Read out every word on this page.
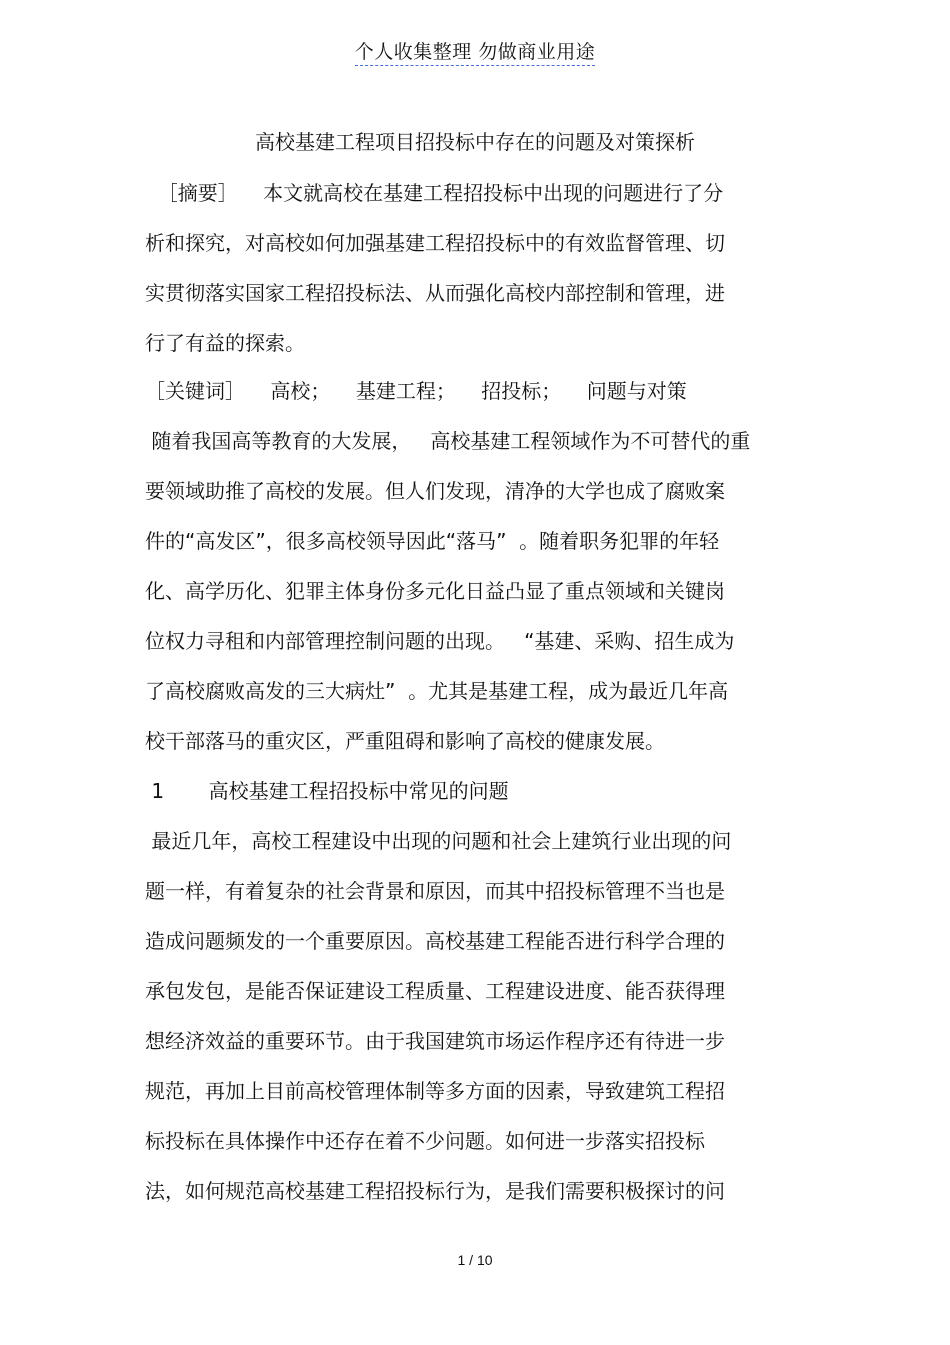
个人收集整理 勿做商业用途
高校基建工程项目招投标中存在的问题及对策探析
［摘要］    本文就高校在基建工程招投标中出现的问题进行了分
析和探究，对高校如何加强基建工程招投标中的有效监督管理、切
实贯彻落实国家工程招投标法、从而强化高校内部控制和管理，进
行了有益的探索。
［关键词］    高校；    基建工程；    招投标；    问题与对策
随着我国高等教育的大发展，   高校基建工程领域作为不可替代的重
要领域助推了高校的发展。但人们发现，清净的大学也成了腐败案
件的“高发区”，很多高校领导因此“落马”  。随着职务犯罪的年轻
化、高学历化、犯罪主体身份多元化日益凸显了重点领域和关键岗
位权力寻租和内部管理控制问题的出现。   “基建、采购、招生成为
了高校腐败高发的三大病灶”  。尤其是基建工程，成为最近几年高
校干部落马的重灾区，严重阻碍和影响了高校的健康发展。
1       高校基建工程招投标中常见的问题
最近几年，高校工程建设中出现的问题和社会上建筑行业出现的问
题一样，有着复杂的社会背景和原因，而其中招投标管理不当也是
造成问题频发的一个重要原因。高校基建工程能否进行科学合理的
承包发包，是能否保证建设工程质量、工程建设进度、能否获得理
想经济效益的重要环节。由于我国建筑市场运作程序还有待进一步
规范，再加上目前高校管理体制等多方面的因素，导致建筑工程招
标投标在具体操作中还存在着不少问题。如何进一步落实招投标
法，如何规范高校基建工程招投标行为，是我们需要积极探讨的问
1 / 10
